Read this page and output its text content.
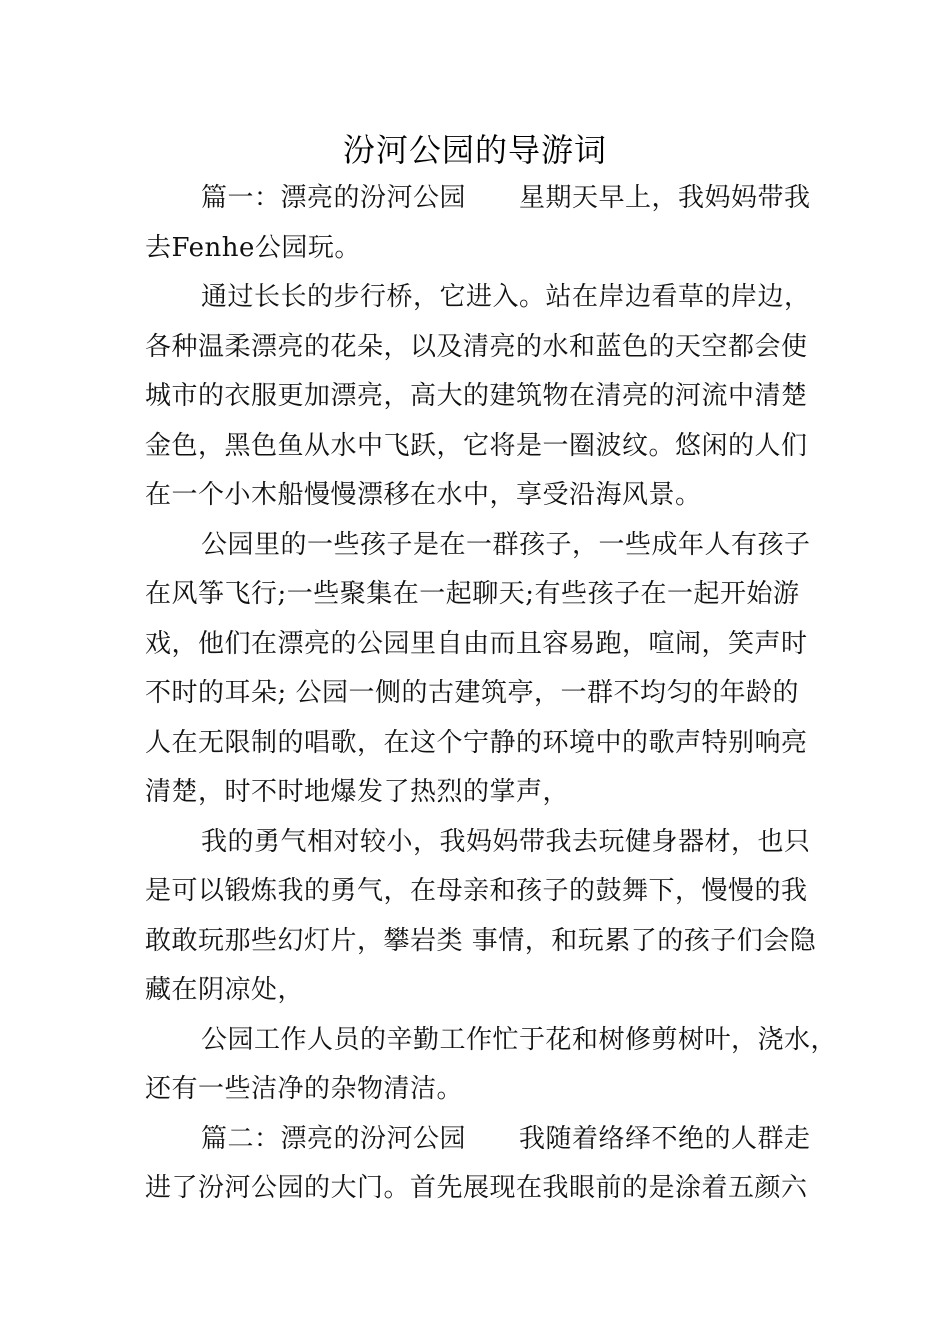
汾河公园的导游词
篇一：漂亮的汾河公园　　星期天早上，我妈妈带我
去Fenhe公园玩。
通过长长的步行桥，它进入。站在岸边看草的岸边，
各种温柔漂亮的花朵，以及清亮的水和蓝色的天空都会使
城市的衣服更加漂亮，高大的建筑物在清亮的河流中清楚
金色，黑色鱼从水中飞跃，它将是一圈波纹。悠闲的人们
在一个小木船慢慢漂移在水中，享受沿海风景。
公园里的一些孩子是在一群孩子，一些成年人有孩子
在风筝飞行;一些聚集在一起聊天;有些孩子在一起开始游
戏，他们在漂亮的公园里自由而且容易跑，喧闹，笑声时
不时的耳朵; 公园一侧的古建筑亭，一群不均匀的年龄的
人在无限制的唱歌，在这个宁静的环境中的歌声特别响亮
清楚，时不时地爆发了热烈的掌声，
我的勇气相对较小，我妈妈带我去玩健身器材，也只
是可以锻炼我的勇气，在母亲和孩子的鼓舞下，慢慢的我
敢敢玩那些幻灯片，攀岩类 事情，和玩累了的孩子们会隐
藏在阴凉处，
公园工作人员的辛勤工作忙于花和树修剪树叶，浇水，
还有一些洁净的杂物清洁。
篇二：漂亮的汾河公园　　我随着络绎不绝的人群走
进了汾河公园的大门。首先展现在我眼前的是涂着五颜六
